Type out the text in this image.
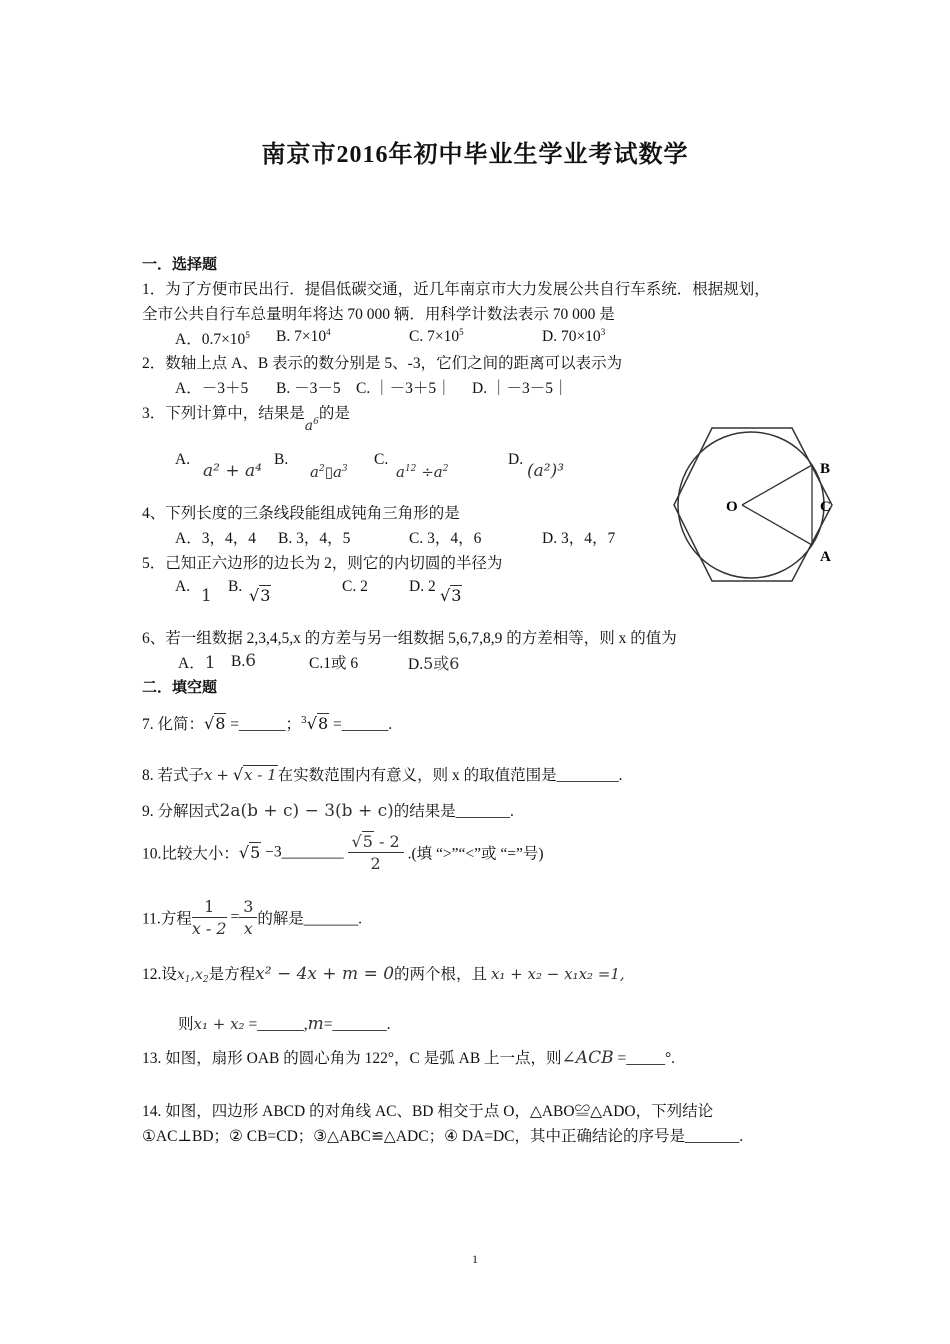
南京市2016年初中毕业生学业考试数学
一．选择题
1．为了方便市民出行．提倡低碳交通，近几年南京市大力发展公共自行车系统．根据规划，
全市公共自行车总量明年将达 70 000 辆．用科学计数法表示 70 000 是
A．$0.7\times 10^5$ B. $7\times 10^4$	C. $7\times 10^5$	D. $70\times 10^3$
2．数轴上点 A、B 表示的数分别是 5、-3，它们之间的距离可以表示为
A．－3＋5 B. －3－5 C. ｜－3＋5｜ D. ｜－3－5｜
3．下列计算中，结果是$a^6$的是
A.
a² + a⁴
B.
$a^2▯a^3$
C.
$a^{12} \div a^2$
D.
(a²)³
4、下列长度的三条线段能组成钝角三角形的是
A．3，4，4 B. 3，4，5	C. 3，4，6	D. 3，4，7
5．己知正六边形的边长为 2，则它的内切圆的半径为
A. 1 B. √3	C. 2	D. 2 √3
O
B
C
A
6、若一组数据 2,3,4,5,x 的方差与另一组数据 5,6,7,8,9 的方差相等，则 x 的值为
A．1 B.6	C.1或 6	D.5或6
二．填空题
7. 化简：√8 =______；$^3$√8 =______.
8. 若式子x + √x - 1在实数范围内有意义，则 x 的取值范围是________.
9. 分解因式2a(b + c) − 3(b + c)的结果是_______.
10.比较大小：√5 −3________ $\frac{√5 - 2}{2}$ .(填 “>”“<”或 “=”号)
11.方程 $\frac{1}{x - 2} = \frac{3}{x}$ 的解是_______.
12.设$x_1,x_2$是方程x² − 4x + m = 0的两个根，且 x₁ + x₂ − x₁x₂ =1,
则x₁ + x₂ =______,m=_______.
13. 如图，扇形 OAB 的圆心角为 122°，C 是弧 AB 上一点，则∠ACB =_____°.
14. 如图，四边形 ABCD 的对角线 AC、BD 相交于点 O，△ABO≌△ADO，下列结论
①AC⊥BD；② CB=CD；③△ABC≌△ADC；④ DA=DC，其中正确结论的序号是_______.
1
